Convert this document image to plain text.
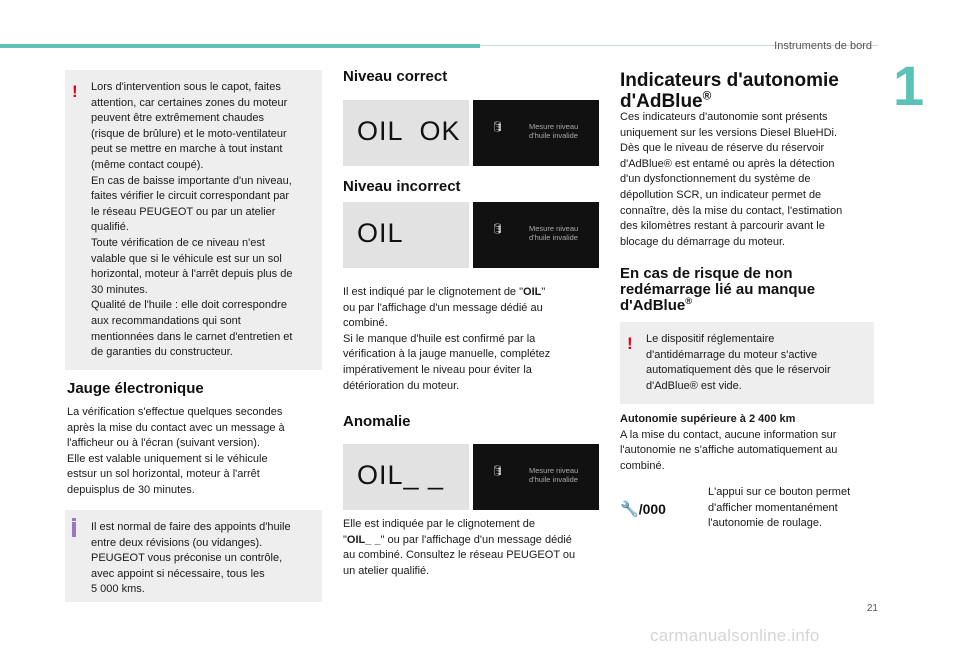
Instruments de bord
1
! Lors d'intervention sous le capot, faites
attention, car certaines zones du moteur
peuvent être extrêmement chaudes
(risque de brûlure) et le moto-ventilateur
peut se mettre en marche à tout instant
(même contact coupé).
En cas de baisse importante d'un niveau,
faites vérifier le circuit correspondant par
le réseau PEUGEOT ou par un atelier
qualifié.
Toute vérification de ce niveau n'est
valable que si le véhicule est sur un sol
horizontal, moteur à l'arrêt depuis plus de
30 minutes.
Qualité de l'huile : elle doit correspondre
aux recommandations qui sont
mentionnées dans le carnet d'entretien et
de garanties du constructeur.
Jauge électronique
La vérification s'effectue quelques secondes
après la mise du contact avec un message à
l'afficheur ou à l'écran (suivant version).
Elle est valable uniquement si le véhicule
estsur un sol horizontal, moteur à l'arrêt
depuisplus de 30 minutes.
Il est normal de faire des appoints d'huile
entre deux révisions (ou vidanges).
PEUGEOT vous préconise un contrôle,
avec appoint si nécessaire, tous les
5 000 kms.
Niveau correct
OIL  OK	🛢	Mesure niveau
d'huile invalide
Niveau incorrect
OIL	🛢	Mesure niveau
d'huile invalide
Il est indiqué par le clignotement de "OIL"
ou par l'affichage d'un message dédié au
combiné.
Si le manque d'huile est confirmé par la
vérification à la jauge manuelle, complétez
impérativement le niveau pour éviter la
détérioration du moteur.
Anomalie
OIL_ _	🛢	Mesure niveau
d'huile invalide
Elle est indiquée par le clignotement de
"OIL_ _" ou par l'affichage d'un message dédié
au combiné. Consultez le réseau PEUGEOT ou
un atelier qualifié.
Indicateurs d'autonomie
d'AdBlue®
Ces indicateurs d'autonomie sont présents
uniquement sur les versions Diesel BlueHDi.
Dès que le niveau de réserve du réservoir
d'AdBlue® est entamé ou après la détection
d'un dysfonctionnement du système de
dépollution SCR, un indicateur permet de
connaître, dès la mise du contact, l'estimation
des kilomètres restant à parcourir avant le
blocage du démarrage du moteur.
En cas de risque de non
redémarrage lié au manque
d'AdBlue®
! Le dispositif réglementaire
d'antidémarrage du moteur s'active
automatiquement dès que le réservoir
d'AdBlue® est vide.
Autonomie supérieure à 2 400 km
A la mise du contact, aucune information sur
l'autonomie ne s'affiche automatiquement au
combiné.
🔧/000
L'appui sur ce bouton permet
d'afficher momentanément
l'autonomie de roulage.
21
carmanualsonline.info
